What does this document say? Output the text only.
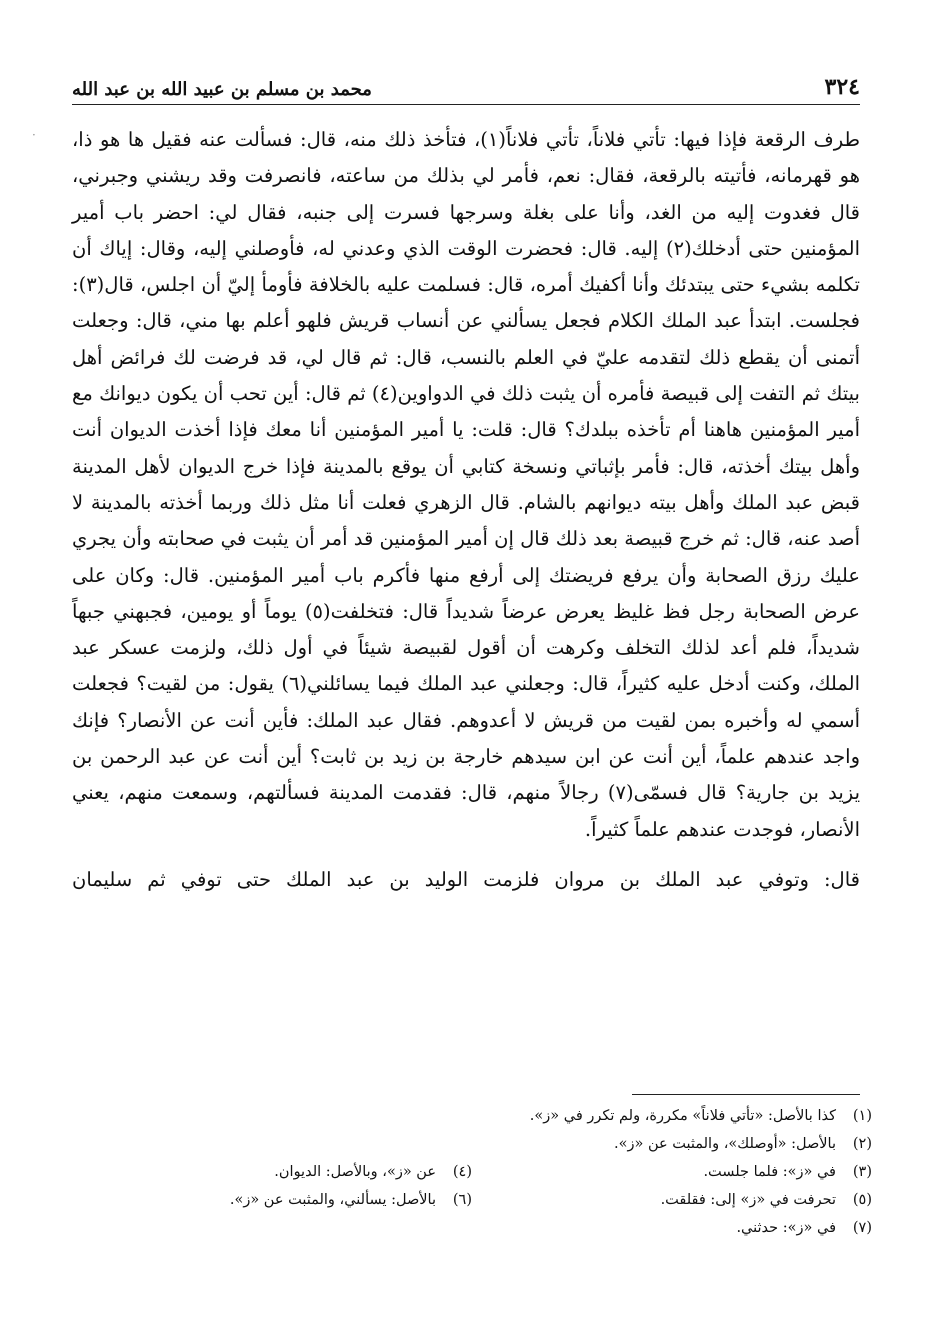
٣٢٤
محمد بن مسلم بن عبيد الله بن عبد الله
· طرف الرقعة فإذا فيها: تأتي فلاناً، تأتي فلاناً(١)، فتأخذ ذلك منه، قال: فسألت عنه فقيل ها هو ذا، هو قهرمانه، فأتيته بالرقعة، فقال: نعم، فأمر لي بذلك من ساعته، فانصرفت وقد ريشني وجبرني، قال فغدوت إليه من الغد، وأنا على بغلة وسرجها فسرت إلى جنبه، فقال لي: احضر باب أمير المؤمنين حتى أدخلك(٢) إليه. قال: فحضرت الوقت الذي وعدني له، فأوصلني إليه، وقال: إياك أن تكلمه بشيء حتى يبتدئك وأنا أكفيك أمره، قال: فسلمت عليه بالخلافة فأومأ إليّ أن اجلس، قال(٣): فجلست. ابتدأ عبد الملك الكلام فجعل يسألني عن أنساب قريش فلهو أعلم بها مني، قال: وجعلت أتمنى أن يقطع ذلك لتقدمه عليّ في العلم بالنسب، قال: ثم قال لي، قد فرضت لك فرائض أهل بيتك ثم التفت إلى قبيصة فأمره أن يثبت ذلك في الدواوين(٤) ثم قال: أين تحب أن يكون ديوانك مع أمير المؤمنين هاهنا أم تأخذه ببلدك؟ قال: قلت: يا أمير المؤمنين أنا معك فإذا أخذت الديوان أنت وأهل بيتك أخذته، قال: فأمر بإثباتي ونسخة كتابي أن يوقع بالمدينة فإذا خرج الديوان لأهل المدينة قبض عبد الملك وأهل بيته ديوانهم بالشام. قال الزهري فعلت أنا مثل ذلك وربما أخذته بالمدينة لا أصد عنه، قال: ثم خرج قبيصة بعد ذلك قال إن أمير المؤمنين قد أمر أن يثبت في صحابته وأن يجري عليك رزق الصحابة وأن يرفع فريضتك إلى أرفع منها فأكرم باب أمير المؤمنين. قال: وكان على عرض الصحابة رجل فظ غليظ يعرض عرضاً شديداً قال: فتخلفت(٥) يوماً أو يومين، فجبهني جبهاً شديداً، فلم أعد لذلك التخلف وكرهت أن أقول لقبيصة شيئاً في أول ذلك، ولزمت عسكر عبد الملك، وكنت أدخل عليه كثيراً، قال: وجعلني عبد الملك فيما يسائلني(٦) يقول: من لقيت؟ فجعلت أسمي له وأخبره بمن لقيت من قريش لا أعدوهم. فقال عبد الملك: فأين أنت عن الأنصار؟ فإنك واجد عندهم علماً، أين أنت عن ابن سيدهم خارجة بن زيد بن ثابت؟ أين أنت عن عبد الرحمن بن يزيد بن جارية؟ قال فسمّى(٧) رجالاً منهم، قال: فقدمت المدينة فسألتهم، وسمعت منهم، يعني الأنصار، فوجدت عندهم علماً كثيراً.

قال: وتوفي عبد الملك بن مروان فلزمت الوليد بن عبد الملك حتى توفي ثم سليمان

(١)
كذا بالأصل: «تأتي فلاناً» مكررة، ولم تكرر في «ز».
(٢)
بالأصل: «أوصلك»، والمثبت عن «ز».
(٣)
في «ز»: فلما جلست.
(٤)
عن «ز»، وبالأصل: الديوان.
(٥)
تحرفت في «ز» إلى: فقلقت.
(٦)
بالأصل: يسألني، والمثبت عن «ز».
(٧)
في «ز»: حدثني.
